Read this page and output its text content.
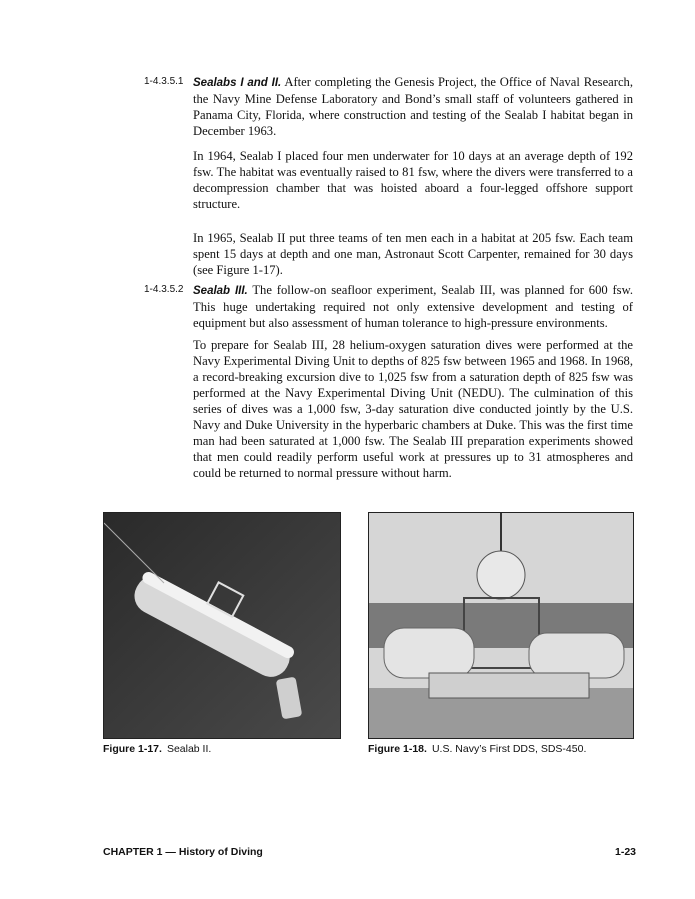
1-4.3.5.1 Sealabs I and II. After completing the Genesis Project, the Office of Naval Research, the Navy Mine Defense Laboratory and Bond’s small staff of volunteers gathered in Panama City, Florida, where construction and testing of the Sealab I habitat began in December 1963.

In 1964, Sealab I placed four men underwater for 10 days at an average depth of 192 fsw. The habitat was eventually raised to 81 fsw, where the divers were transferred to a decompression chamber that was hoisted aboard a four-legged offshore support structure.

In 1965, Sealab II put three teams of ten men each in a habitat at 205 fsw. Each team spent 15 days at depth and one man, Astronaut Scott Carpenter, remained for 30 days (see Figure 1-17).

1-4.3.5.2 Sealab III. The follow-on seafloor experiment, Sealab III, was planned for 600 fsw. This huge undertaking required not only extensive development and testing of equipment but also assessment of human tolerance to high-pressure environments.

To prepare for Sealab III, 28 helium-oxygen saturation dives were performed at the Navy Experimental Diving Unit to depths of 825 fsw between 1965 and 1968. In 1968, a record-breaking excursion dive to 1,025 fsw from a saturation depth of 825 fsw was performed at the Navy Experimental Diving Unit (NEDU). The culmination of this series of dives was a 1,000 fsw, 3-day saturation dive conducted jointly by the U.S. Navy and Duke University in the hyperbaric chambers at Duke. This was the first time man had been saturated at 1,000 fsw. The Sealab III preparation experiments showed that men could readily perform useful work at pressures up to 31 atmospheres and could be returned to normal pressure without harm.

Figure 1-17. Sealab II.	Figure 1-18. U.S. Navy’s First DDS, SDS-450.
CHAPTER 1 — History of Diving	1-23
